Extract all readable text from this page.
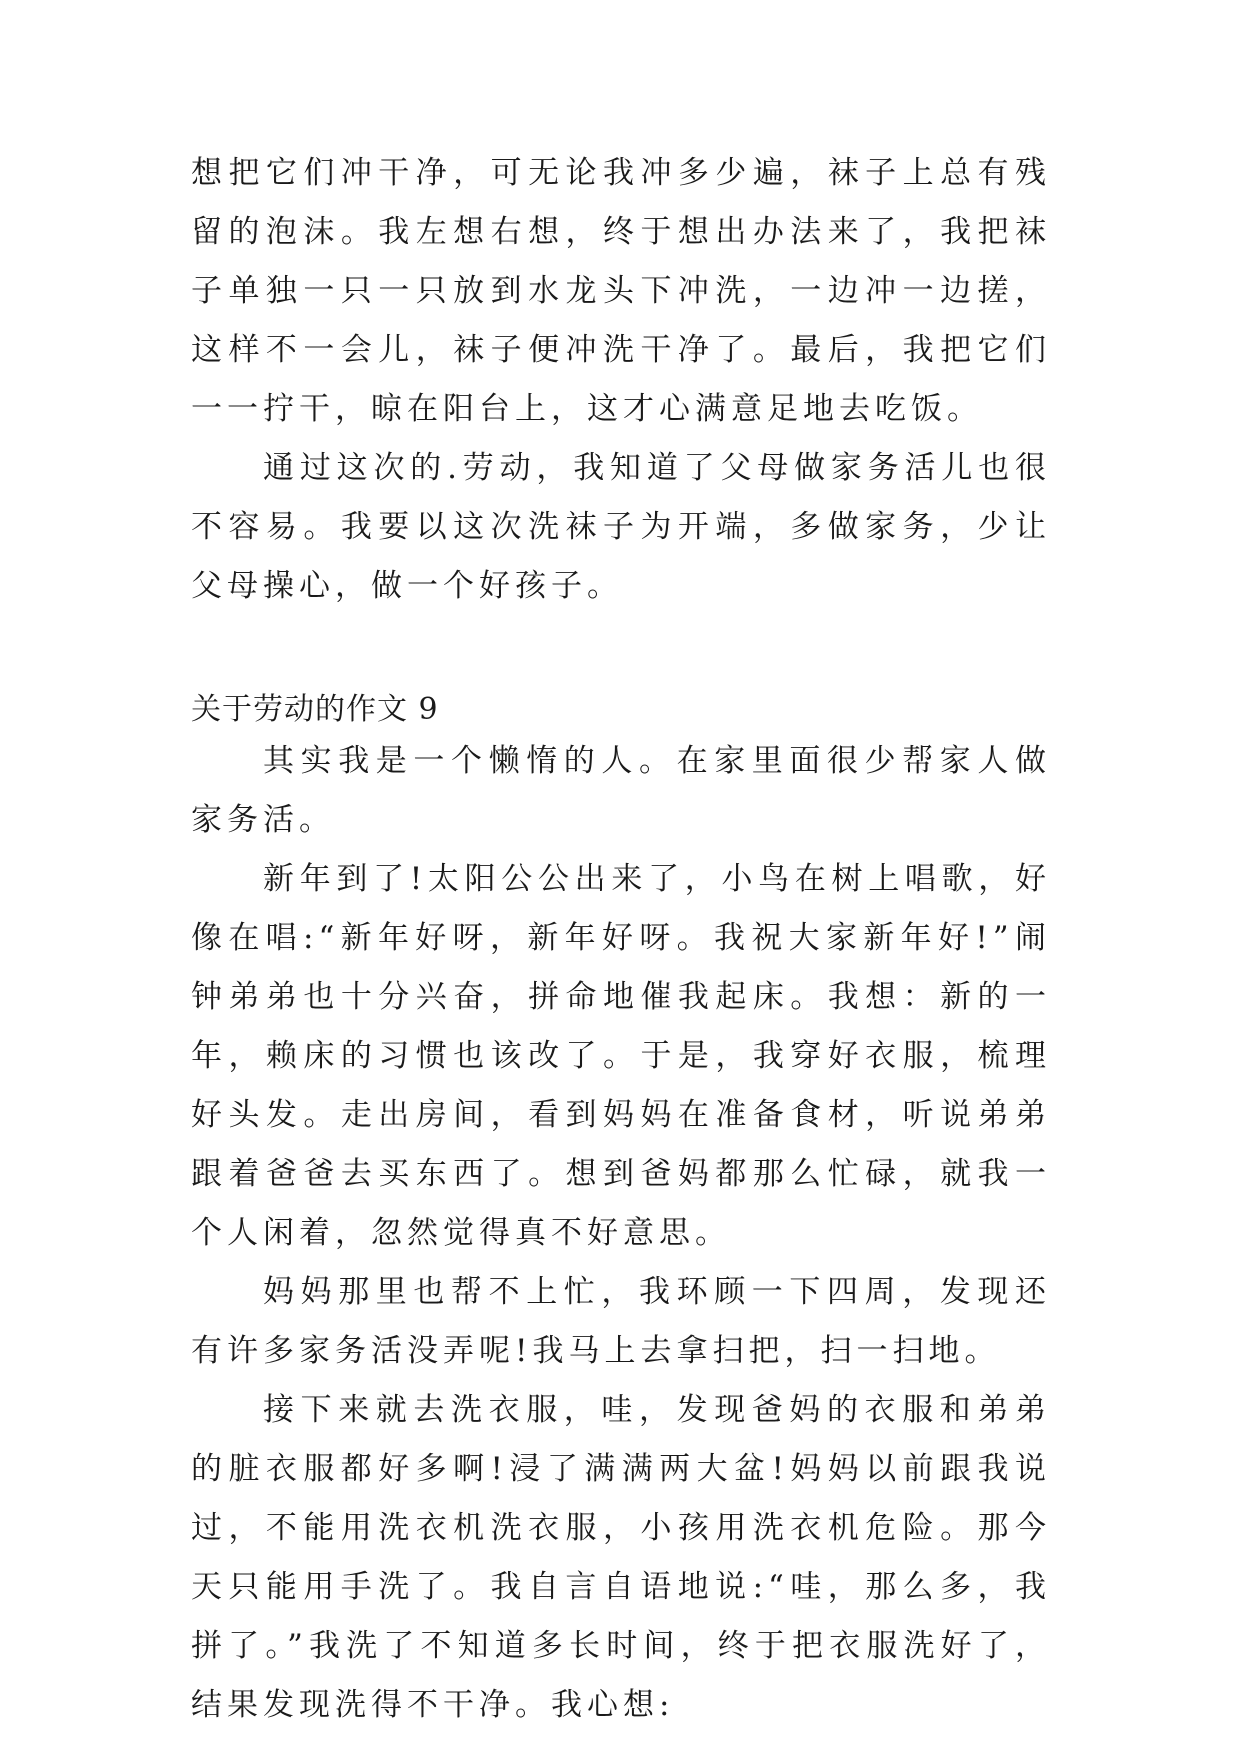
想把它们冲干净，可无论我冲多少遍，袜子上总有残留的泡沫。我左想右想，终于想出办法来了，我把袜子单独一只一只放到水龙头下冲洗，一边冲一边搓，这样不一会儿，袜子便冲洗干净了。最后，我把它们一一拧干，晾在阳台上，这才心满意足地去吃饭。

通过这次的.劳动，我知道了父母做家务活儿也很不容易。我要以这次洗袜子为开端，多做家务，少让父母操心，做一个好孩子。

关于劳动的作文 9

其实我是一个懒惰的人。在家里面很少帮家人做家务活。

新年到了!太阳公公出来了，小鸟在树上唱歌，好像在唱:“新年好呀，新年好呀。我祝大家新年好!”闹钟弟弟也十分兴奋，拼命地催我起床。我想：新的一年，赖床的习惯也该改了。于是，我穿好衣服，梳理好头发。走出房间，看到妈妈在准备食材，听说弟弟跟着爸爸去买东西了。想到爸妈都那么忙碌，就我一个人闲着，忽然觉得真不好意思。

妈妈那里也帮不上忙，我环顾一下四周，发现还有许多家务活没弄呢!我马上去拿扫把，扫一扫地。

接下来就去洗衣服，哇，发现爸妈的衣服和弟弟的脏衣服都好多啊!浸了满满两大盆!妈妈以前跟我说过，不能用洗衣机洗衣服，小孩用洗衣机危险。那今天只能用手洗了。我自言自语地说:“哇，那么多，我拼了。”我洗了不知道多长时间，终于把衣服洗好了，结果发现洗得不干净。我心想:
